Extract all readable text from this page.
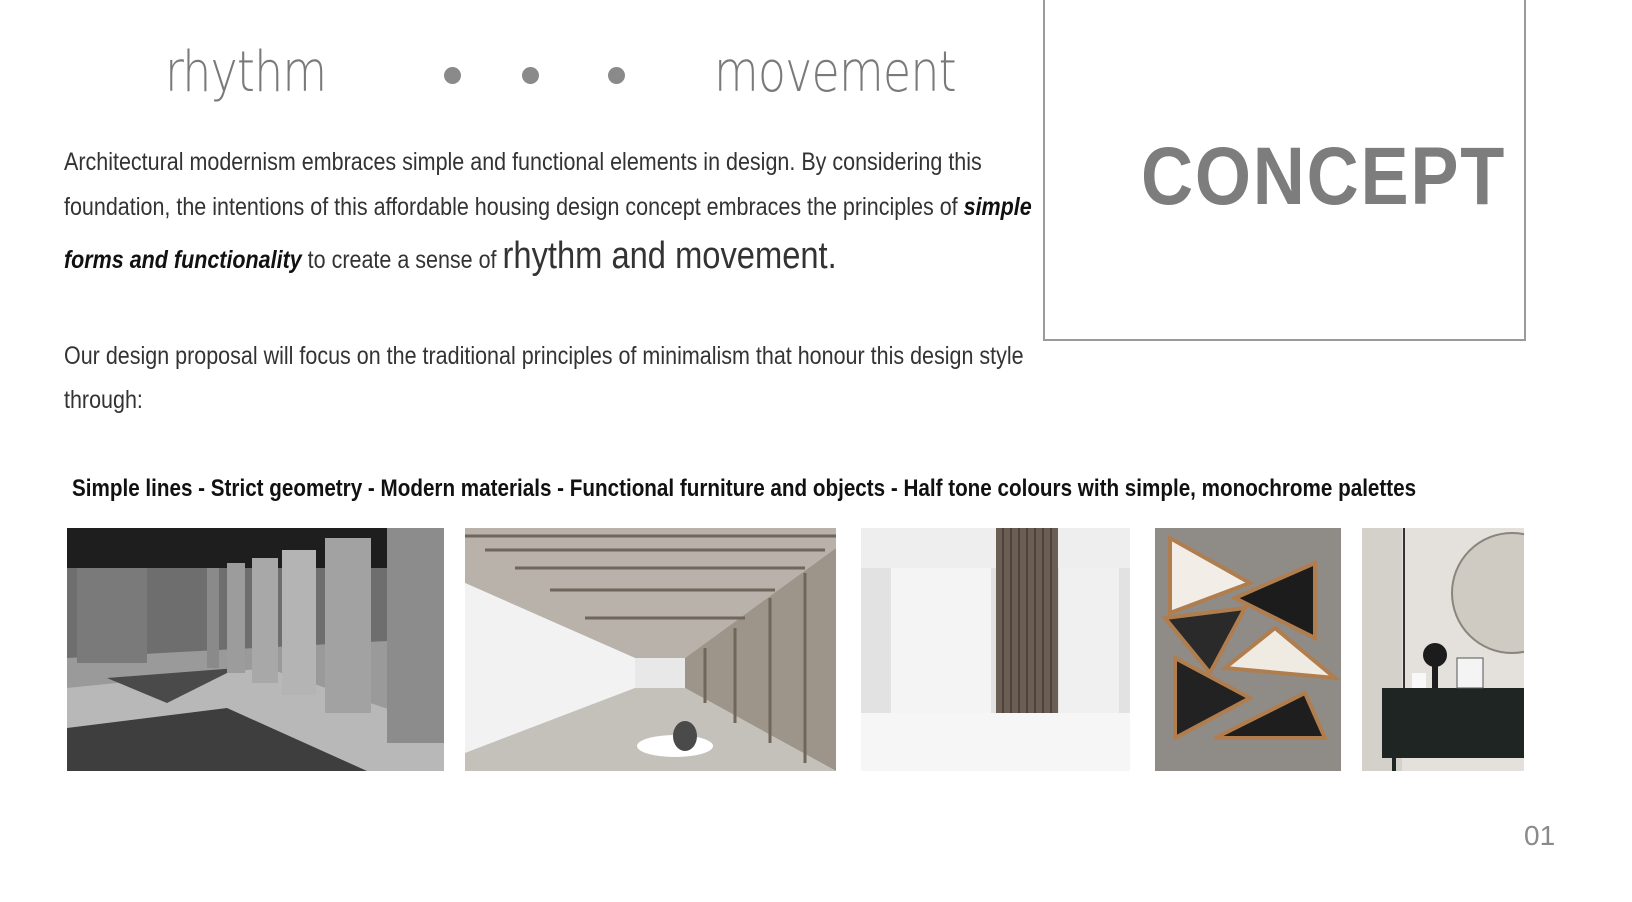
rhythm	movement
Architectural modernism embraces simple and functional elements in design. By considering this
foundation, the intentions of this affordable housing design concept embraces the principles of simple
forms and functionality to create a sense of rhythm and movement.
Our design proposal will focus on the traditional principles of minimalism that honour this design style
through:
CONCEPT
Simple lines - Strict geometry - Modern materials - Functional furniture and objects - Half tone colours with simple, monochrome palettes
01
